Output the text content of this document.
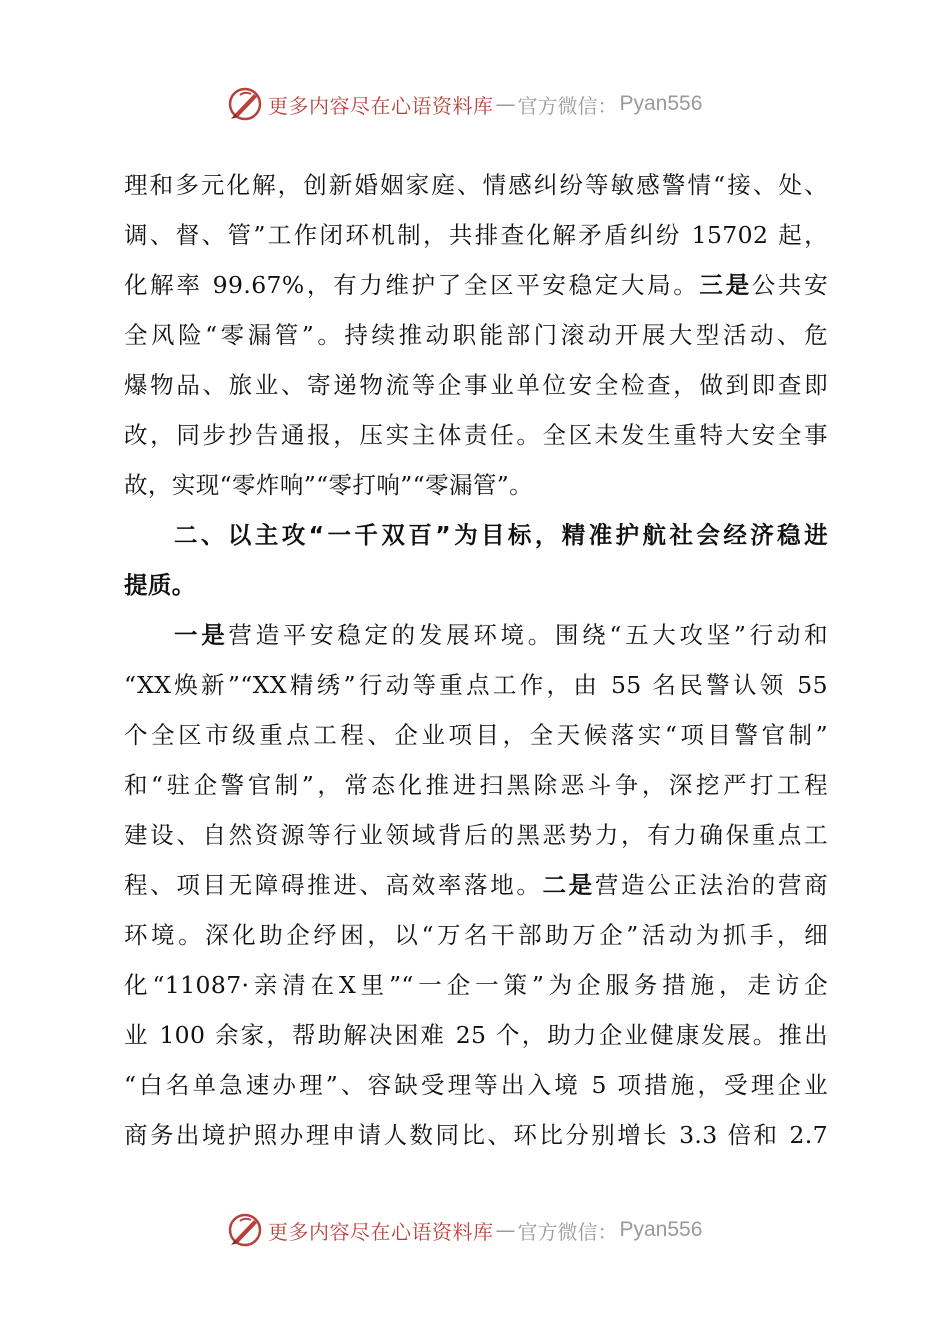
更多内容尽在心语资料库 — 官方微信： Pyan556
理和多元化解，创新婚姻家庭、情感纠纷等敏感警情“接、处、
调、督、管”工作闭环机制，共排查化解矛盾纠纷 15702 起，
化解率 99.67%，有力维护了全区平安稳定大局。三是公共安
全风险“零漏管”。持续推动职能部门滚动开展大型活动、危
爆物品、旅业、寄递物流等企事业单位安全检查，做到即查即
改，同步抄告通报，压实主体责任。全区未发生重特大安全事
故，实现“零炸响”“零打响”“零漏管”。
二、以主攻“一千双百”为目标，精准护航社会经济稳进
提质。
一是营造平安稳定的发展环境。围绕“五大攻坚”行动和
“XX焕新”“XX精绣”行动等重点工作，由 55 名民警认领 55
个全区市级重点工程、企业项目，全天候落实“项目警官制”
和“驻企警官制”，常态化推进扫黑除恶斗争，深挖严打工程
建设、自然资源等行业领域背后的黑恶势力，有力确保重点工
程、项目无障碍推进、高效率落地。二是营造公正法治的营商
环境。深化助企纾困，以“万名干部助万企”活动为抓手，细
化“11087·亲清在X里”“一企一策”为企服务措施，走访企
业 100 余家，帮助解决困难 25 个，助力企业健康发展。推出
“白名单急速办理”、容缺受理等出入境 5 项措施，受理企业
商务出境护照办理申请人数同比、环比分别增长 3.3 倍和 2.7
更多内容尽在心语资料库 — 官方微信： Pyan556
